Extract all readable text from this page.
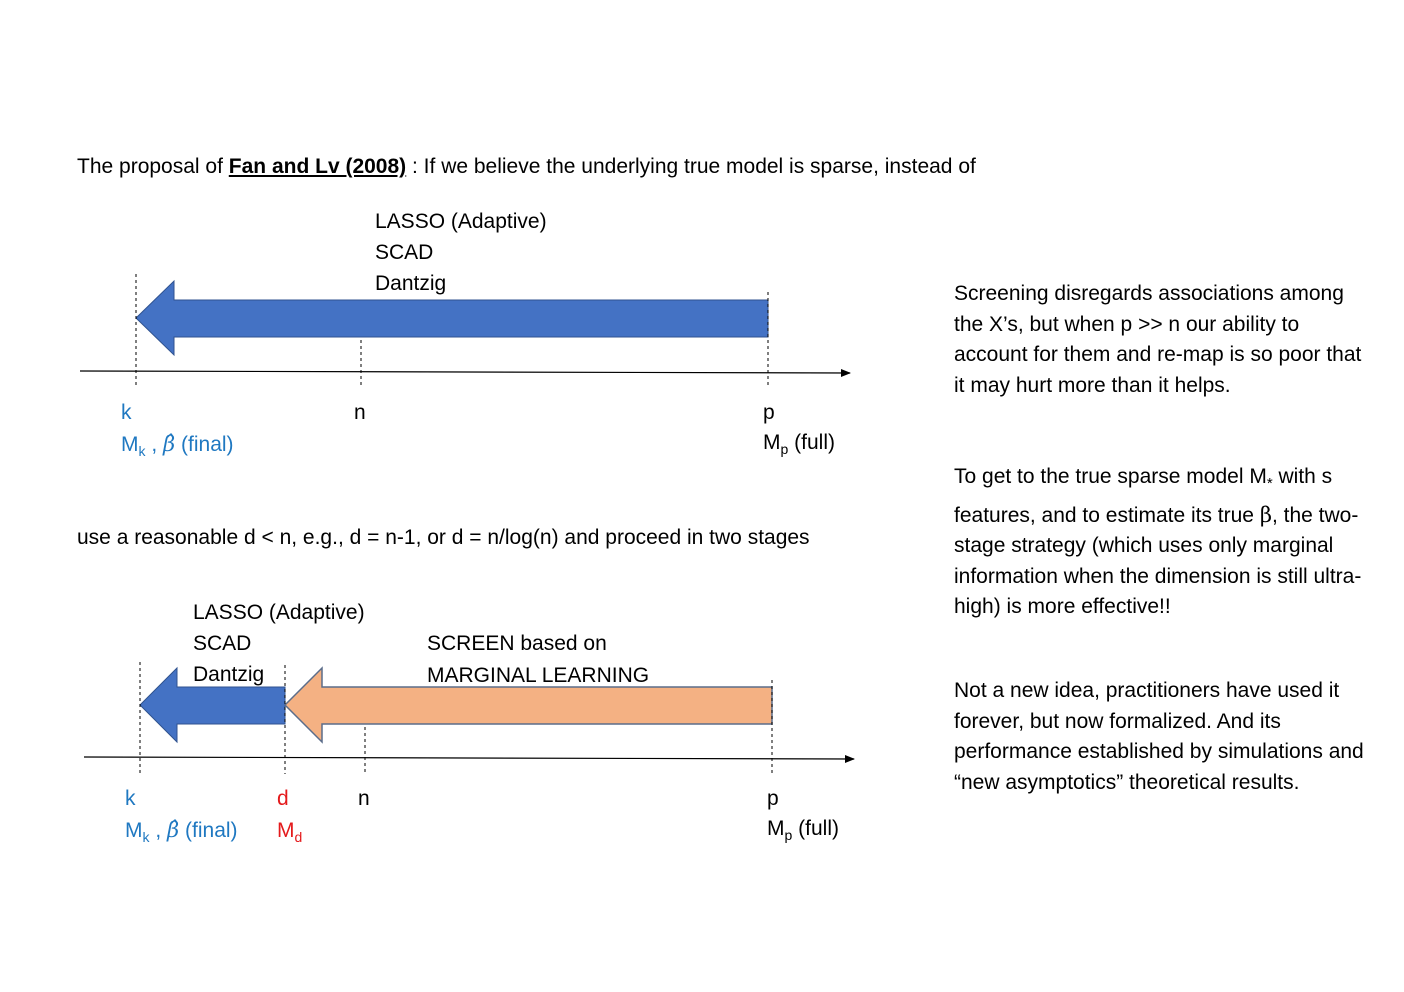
The proposal of Fan and Lv (2008) : If we believe the underlying true model is sparse, instead of
LASSO (Adaptive)
SCAD
Dantzig
k
$M_k$ , β̂ (final)
n	p
$M_p$ (full)
use a reasonable d < n, e.g., d = n-1, or d = n/log(n) and proceed in two stages
LASSO (Adaptive)
SCAD
Dantzig
SCREEN based on
MARGINAL LEARNING
k
$M_k$ , β̂ (final)
d
$M_d$
n	p
$M_p$ (full)

Screening disregards associations among the X’s, but when p >> n our ability to account for them and re-map is so poor that it may hurt more than it helps.

To get to the true sparse model $M_*$ with s features, and to estimate its true β, the two-stage strategy (which uses only marginal information when the dimension is still ultra-high) is more effective!!

Not a new idea, practitioners have used it forever, but now formalized. And its performance established by simulations and “new asymptotics” theoretical results.
